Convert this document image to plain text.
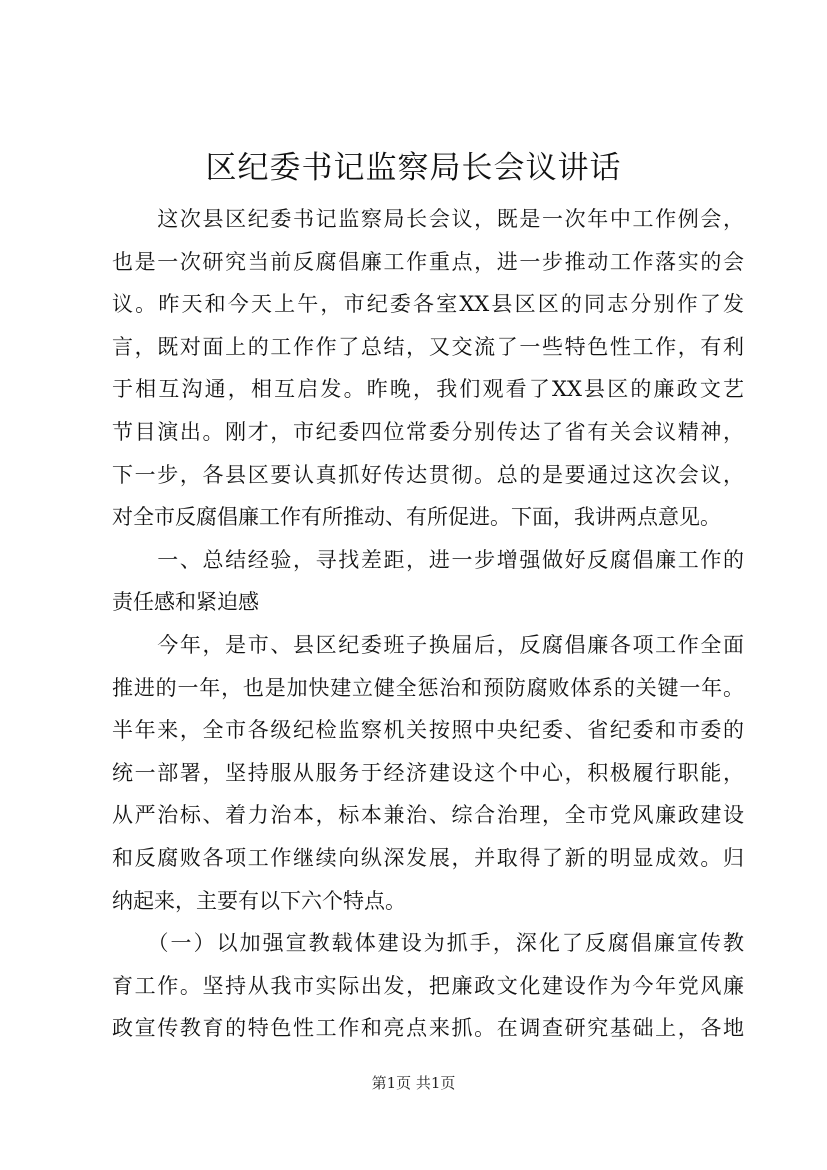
区纪委书记监察局长会议讲话
　　这次县区纪委书记监察局长会议，既是一次年中工作例会，
也是一次研究当前反腐倡廉工作重点，进一步推动工作落实的会
议。昨天和今天上午，市纪委各室XX县区区的同志分别作了发
言，既对面上的工作作了总结，又交流了一些特色性工作，有利
于相互沟通，相互启发。昨晚，我们观看了XX县区的廉政文艺
节目演出。刚才，市纪委四位常委分别传达了省有关会议精神，
下一步，各县区要认真抓好传达贯彻。总的是要通过这次会议，
对全市反腐倡廉工作有所推动、有所促进。下面，我讲两点意见。
　　一、总结经验，寻找差距，进一步增强做好反腐倡廉工作的
责任感和紧迫感
　　今年，是市、县区纪委班子换届后，反腐倡廉各项工作全面
推进的一年，也是加快建立健全惩治和预防腐败体系的关键一年。
半年来，全市各级纪检监察机关按照中央纪委、省纪委和市委的
统一部署，坚持服从服务于经济建设这个中心，积极履行职能，
从严治标、着力治本，标本兼治、综合治理，全市党风廉政建设
和反腐败各项工作继续向纵深发展，并取得了新的明显成效。归
纳起来，主要有以下六个特点。
　　（一）以加强宣教载体建设为抓手，深化了反腐倡廉宣传教
育工作。坚持从我市实际出发，把廉政文化建设作为今年党风廉
政宣传教育的特色性工作和亮点来抓。在调查研究基础上，各地
第1页 共1页
